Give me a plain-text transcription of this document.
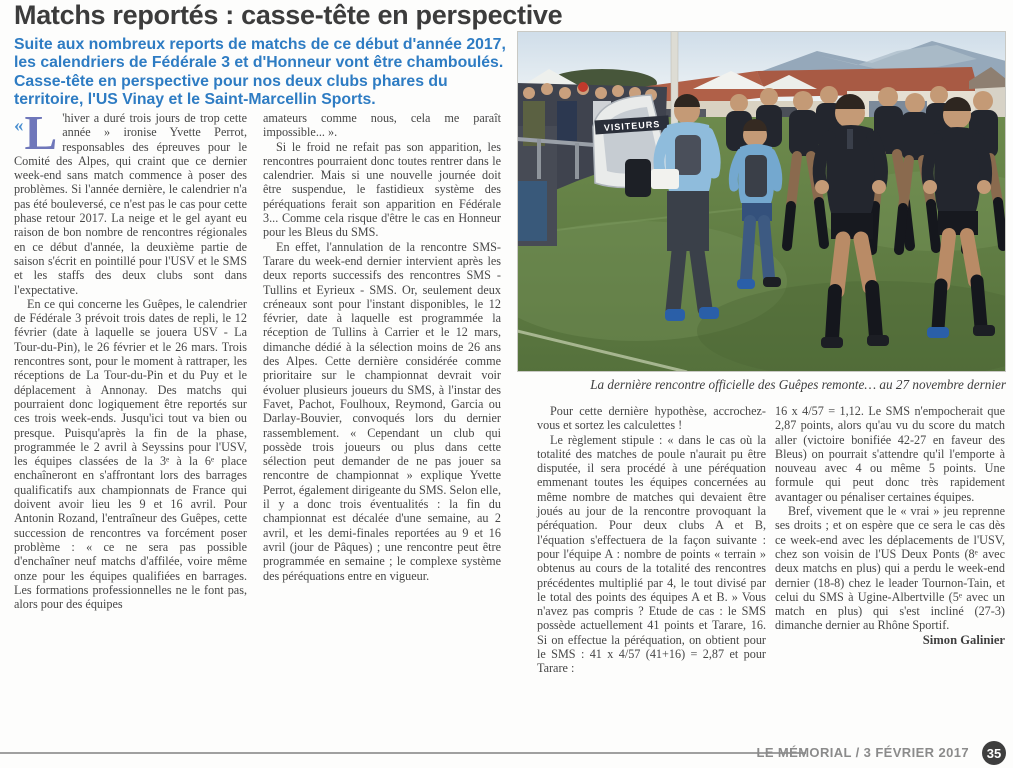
Matchs reportés : casse-tête en perspective

Suite aux nombreux reports de matchs de ce début d'année 2017, les calendriers de Fédérale 3 et d'Honneur vont être chamboulés. Casse-tête en perspective pour nos deux clubs phares du territoire, l'US Vinay et le Saint-Marcellin Sports.

«L 'hiver a duré trois jours de trop cette année » ironise Yvette Perrot, responsables des épreuves pour le Comité des Alpes, qui craint que ce dernier week-end sans match commence à poser des problèmes. Si l'année dernière, le calendrier n'a pas été bouleversé, ce n'est pas le cas pour cette phase retour 2017. La neige et le gel ayant eu raison de bon nombre de rencontres régionales en ce début d'année, la deuxième partie de saison s'écrit en pointillé pour l'USV et le SMS et les staffs des deux clubs sont dans l'expectative.

En ce qui concerne les Guêpes, le calendrier de Fédérale 3 prévoit trois dates de repli, le 12 février (date à laquelle se jouera USV - La Tour-du-Pin), le 26 février et le 26 mars. Trois rencontres sont, pour le moment à rattraper, les réceptions de La Tour-du-Pin et du Puy et le déplacement à Annonay. Des matchs qui pourraient donc logiquement être reportés sur ces trois week-ends. Jusqu'ici tout va bien ou presque. Puisqu'après la fin de la phase, programmée le 2 avril à Seyssins pour l'USV, les équipes classées de la 3ᵉ à la 6ᵉ place enchaîneront en s'affrontant lors des barrages qualificatifs aux championnats de France qui doivent avoir lieu les 9 et 16 avril. Pour Antonin Rozand, l'entraîneur des Guêpes, cette succession de rencontres va forcément poser problème : « ce ne sera pas possible d'enchaîner neuf matchs d'affilée, voire même onze pour les équipes qualifiées en barrages. Les formations professionnelles ne le font pas, alors pour des équipes

amateurs comme nous, cela me paraît impossible... ».

Si le froid ne refait pas son apparition, les rencontres pourraient donc toutes rentrer dans le calendrier. Mais si une nouvelle journée doit être suspendue, le fastidieux système des péréquations ferait son apparition en Fédérale 3... Comme cela risque d'être le cas en Honneur pour les Bleus du SMS.

En effet, l'annulation de la rencontre SMS-Tarare du week-end dernier intervient après les deux reports successifs des rencontres SMS - Tullins et Eyrieux - SMS. Or, seulement deux créneaux sont pour l'instant disponibles, le 12 février, date à laquelle est programmée la réception de Tullins à Carrier et le 12 mars, dimanche dédié à la sélection moins de 26 ans des Alpes. Cette dernière considérée comme prioritaire sur le championnat devrait voir évoluer plusieurs joueurs du SMS, à l'instar des Favet, Pachot, Foulhoux, Reymond, Garcia ou Darlay-Bouvier, convoqués lors du dernier rassemblement. « Cependant un club qui possède trois joueurs ou plus dans cette sélection peut demander de ne pas jouer sa rencontre de championnat » explique Yvette Perrot, également dirigeante du SMS. Selon elle, il y a donc trois éventualités : la fin du championnat est décalée d'une semaine, au 2 avril, et les demi-finales reportées au 9 et 16 avril (jour de Pâques) ; une rencontre peut être programmée en semaine ; le complexe système des péréquations entre en vigueur.

VISITEURS

La dernière rencontre officielle des Guêpes remonte… au 27 novembre dernier

Pour cette dernière hypothèse, accrochez-vous et sortez les calculettes !

Le règlement stipule : « dans le cas où la totalité des matches de poule n'aurait pu être disputée, il sera procédé à une péréquation emmenant toutes les équipes concernées au même nombre de matches qui devaient être joués au jour de la rencontre provoquant la péréquation. Pour deux clubs A et B, l'équation s'effectuera de la façon suivante : pour l'équipe A : nombre de points « terrain » obtenus au cours de la totalité des rencontres précédentes multiplié par 4, le tout divisé par le total des points des équipes A et B. » Vous n'avez pas compris ? Etude de cas : le SMS possède actuellement 41 points et Tarare, 16. Si on effectue la péréquation, on obtient pour le SMS : 41 x 4/57 (41+16) = 2,87 et pour Tarare :

16 x 4/57 = 1,12. Le SMS n'empocherait que 2,87 points, alors qu'au vu du score du match aller (victoire bonifiée 42-27 en faveur des Bleus) on pourrait s'attendre qu'il l'emporte à nouveau avec 4 ou même 5 points. Une formule qui peut donc très rapidement avantager ou pénaliser certaines équipes.

Bref, vivement que le « vrai » jeu reprenne ses droits ; et on espère que ce sera le cas dès ce week-end avec les déplacements de l'USV, chez son voisin de l'US Deux Ponts (8ᵉ avec deux matchs en plus) qui a perdu le week-end dernier (18-8) chez le leader Tournon-Tain, et celui du SMS à Ugine-Albertville (5ᵉ avec un match en plus) qui s'est incliné (27-3) dimanche dernier au Rhône Sportif.

Simon Galinier

LE MÉMORIAL / 3 FÉVRIER 2017	35
